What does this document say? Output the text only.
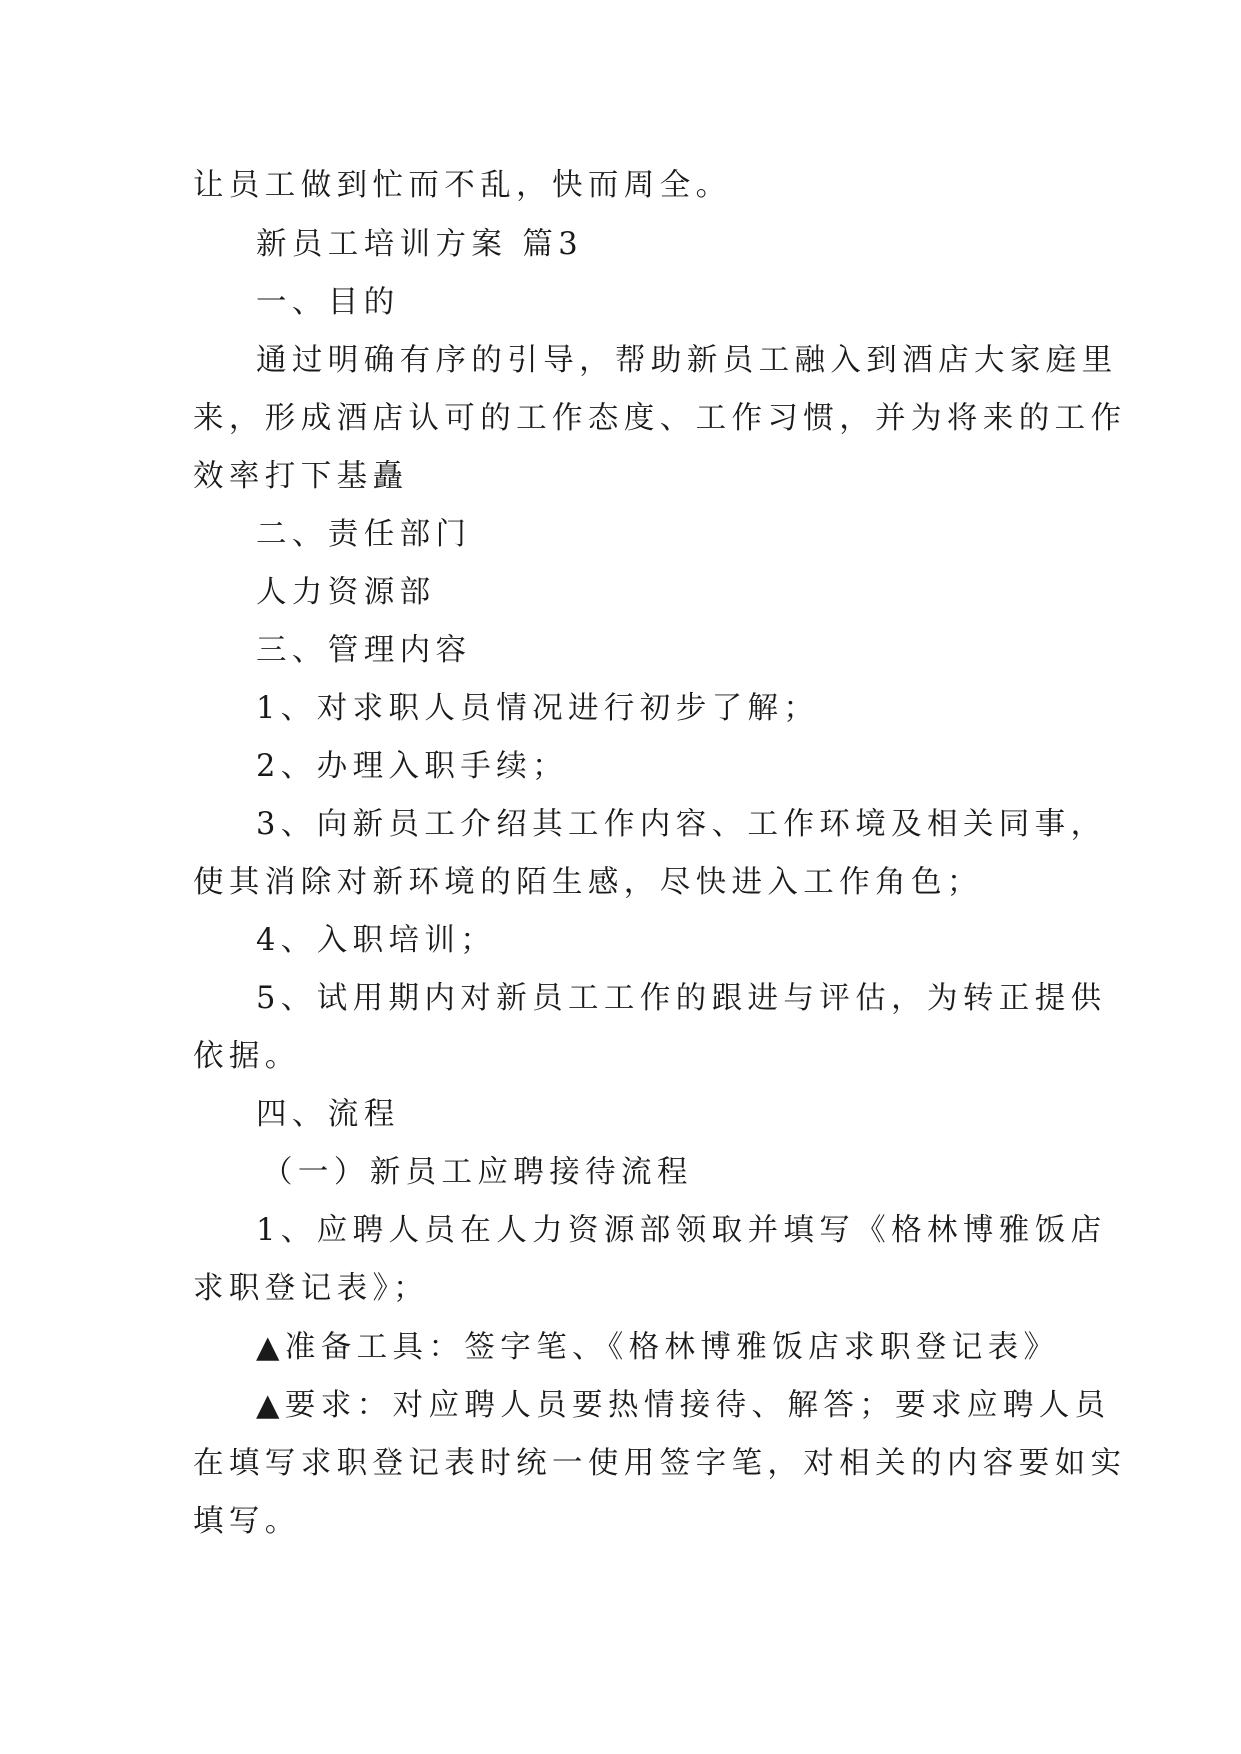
让员工做到忙而不乱，快而周全。
新员工培训方案 篇3
一、目的
通过明确有序的引导，帮助新员工融入到酒店大家庭里
来，形成酒店认可的工作态度、工作习惯，并为将来的工作
效率打下基矗
二、责任部门
人力资源部
三、管理内容
1、对求职人员情况进行初步了解；
2、办理入职手续；
3、向新员工介绍其工作内容、工作环境及相关同事，
使其消除对新环境的陌生感，尽快进入工作角色；
4、入职培训；
5、试用期内对新员工工作的跟进与评估，为转正提供
依据。
四、流程
（一）新员工应聘接待流程
1、应聘人员在人力资源部领取并填写《格林博雅饭店
求职登记表》；
▲准备工具：签字笔、《格林博雅饭店求职登记表》
▲要求：对应聘人员要热情接待、解答；要求应聘人员
在填写求职登记表时统一使用签字笔，对相关的内容要如实
填写。
